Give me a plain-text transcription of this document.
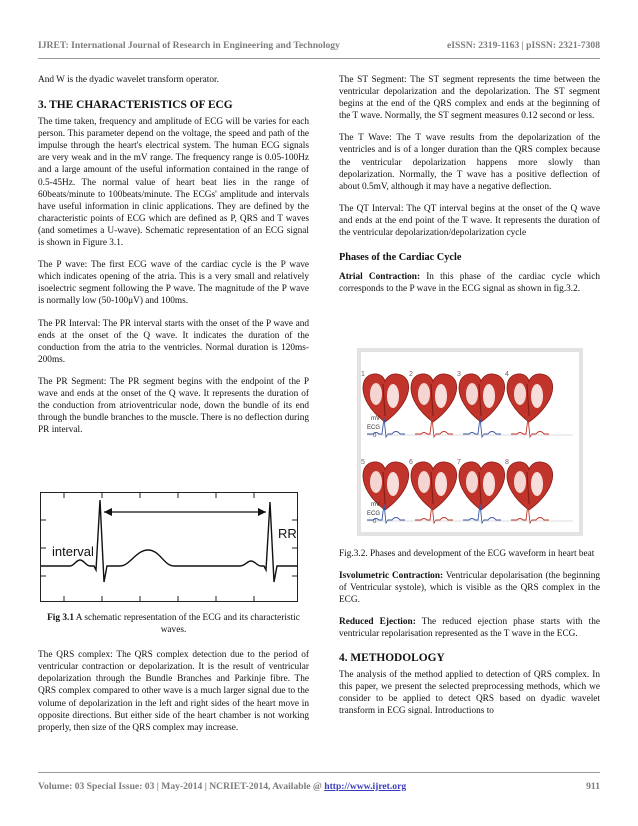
IJRET: International Journal of Research in Engineering and Technology	eISSN: 2319-1163 | pISSN: 2321-7308

And W is the dyadic wavelet transform operator.

3. THE CHARACTERISTICS OF ECG

The time taken, frequency and amplitude of ECG will be varies for each person. This parameter depend on the voltage, the speed and path of the impulse through the heart's electrical system. The human ECG signals are very weak and in the mV range. The frequency range is 0.05-100Hz and a large amount of the useful information contained in the range of 0.5-45Hz. The normal value of heart beat lies in the range of 60beats/minute to 100beats/minute. The ECGs' amplitude and intervals have useful information in clinic applications. They are defined by the characteristic points of ECG which are defined as P, QRS and T waves (and sometimes a U-wave). Schematic representation of an ECG signal is shown in Figure 3.1.

The P wave: The first ECG wave of the cardiac cycle is the P wave which indicates opening of the atria. This is a very small and relatively isoelectric segment following the P wave. The magnitude of the P wave is normally low (50-100μV) and 100ms.

The PR Interval: The PR interval starts with the onset of the P wave and ends at the onset of the Q wave. It indicates the duration of the conduction from the atria to the ventricles. Normal duration is 120ms-200ms.

The PR Segment: The PR segment begins with the endpoint of the P wave and ends at the onset of the Q wave. It represents the duration of the conduction from atrioventricular node, down the bundle of its end through the bundle branches to the muscle. There is no deflection during PR interval.

RR
interval

Fig 3.1 A schematic representation of the ECG and its characteristic waves.

The QRS complex: The QRS complex detection due to the period of ventricular contraction or depolarization. It is the result of ventricular depolarization through the Bundle Branches and Parkinje fibre. The QRS complex compared to other wave is a much larger signal due to the volume of depolarization in the left and right sides of the heart move in opposite directions. But either side of the heart chamber is not working properly, then size of the QRS complex may increase.

The ST Segment: The ST segment represents the time between the ventricular depolarization and the depolarization. The ST segment begins at the end of the QRS complex and ends at the beginning of the T wave. Normally, the ST segment measures 0.12 second or less.

The T Wave: The T wave results from the depolarization of the ventricles and is of a longer duration than the QRS complex because the ventricular depolarization happens more slowly than depolarization. Normally, the T wave has a positive deflection of about 0.5mV, although it may have a negative deflection.

The QT Interval: The QT interval begins at the onset of the Q wave and ends at the end point of the T wave. It represents the duration of the ventricular depolarization/depolarization cycle

Phases of the Cardiac Cycle

Atrial Contraction: In this phase of the cardiac cycle which corresponds to the P wave in the ECG signal as shown in fig.3.2.

1	2	3	4
mV
ECG
0
5	6	7	8
mV
ECG
0

Fig.3.2. Phases and development of the ECG waveform in heart beat

Isvolumetric Contraction: Ventricular depolarisation (the beginning of Ventricular systole), which is visible as the QRS complex in the ECG.

Reduced Ejection: The reduced ejection phase starts with the ventricular repolarisation represented as the T wave in the ECG.

4. METHODOLOGY

The analysis of the method applied to detection of QRS complex. In this paper, we present the selected preprocessing methods, which we consider to be applied to detect QRS based on dyadic wavelet transform in ECG signal. Introductions to

Volume: 03 Special Issue: 03 | May-2014 | NCRIET-2014, Available @ http://www.ijret.org	911
